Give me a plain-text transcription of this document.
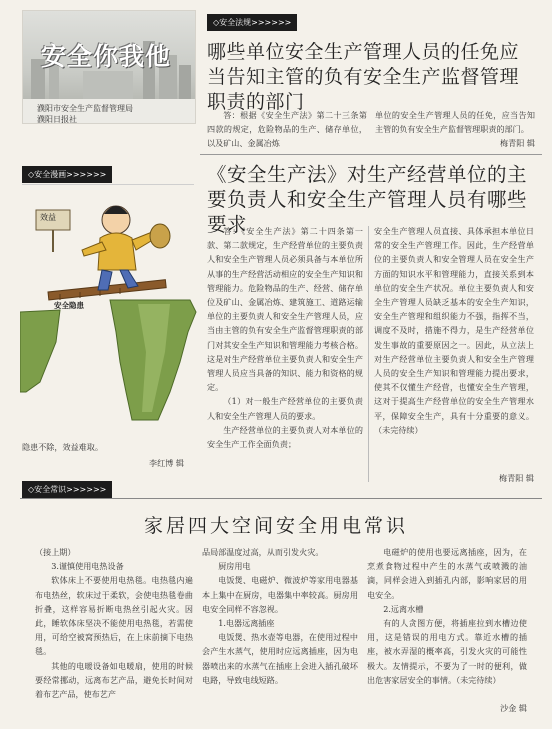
安全你我他
濮阳市安全生产监督管理局
濮阳日报社
◇安全法规>>>>>>
哪些单位安全生产管理人员的任免应当告知主管的负有安全生产监督管理职责的部门

答：根据《安全生产法》第二十三条第四款的规定，危险物品的生产、储存单位，以及矿山、金属冶炼

单位的安全生产管理人员的任免，应当告知主管的负有安全生产监督管理职责的部门。
梅青阳 辑

《安全生产法》对生产经营单位的主要负责人和安全生产管理人员有哪些要求

答：《安全生产法》第二十四条第一款、第二款规定，生产经营单位的主要负责人和安全生产管理人员必须具备与本单位所从事的生产经营活动相应的安全生产知识和管理能力。危险物品的生产、经营、储存单位及矿山、金属冶炼、建筑施工、道路运输单位的主要负责人和安全生产管理人员，应当由主管的负有安全生产监督管理职责的部门对其安全生产知识和管理能力考核合格。这是对生产经营单位主要负责人和安全生产管理人员应当具备的知识、能力和资格的规定。

（1）对一般生产经营单位的主要负责人和安全生产管理人员的要求。

生产经营单位的主要负责人对本单位的安全生产工作全面负责；

安全生产管理人员直接、具体承担本单位日常的安全生产管理工作。因此，生产经营单位的主要负责人和安全管理人员在安全生产方面的知识水平和管理能力，直接关系到本单位的安全生产状况。单位主要负责人和安全生产管理人员缺乏基本的安全生产知识，安全生产管理和组织能力不强，指挥不当，调度不及时，措施不得力，是生产经营单位发生事故的重要原因之一。因此，从立法上对生产经营单位主要负责人和安全生产管理人员的安全生产知识和管理能力提出要求，使其不仅懂生产经营，也懂安全生产管理，这对于提高生产经营单位的安全生产管理水平，保障安全生产，具有十分重要的意义。（未完待续）

梅青阳 辑
◇安全漫画>>>>>>
效益
安全隐患

隐患不除，效益难取。

李红博 辑
◇安全常识>>>>>>
家居四大空间安全用电常识

（接上期）

3.谨慎使用电热设备

软体床上不要使用电热毯。电热毯内遍布电热丝，软床过于柔软，会使电热毯卷曲折叠，这样容易折断电热丝引起火灾。因此，睡软体床坚决不能使用电热毯，若需使用，可给空被窝预热后，在上床前摘下电热毯。

其他的电暖设备如电暖扇，使用的时候要经常挪动，远离布艺产品，避免长时间对着布艺产品，使布艺产

品局部温度过高，从而引发火灾。

厨房用电

电饭煲、电磁炉、微波炉等家用电器基本上集中在厨房，电器集中率较高。厨房用电安全同样不容忽视。

1.电器远离插座

电饭煲、热水壶等电器，在使用过程中会产生水蒸气，使用时应远离插座，因为电器喷出来的水蒸气在插座上会进入插孔破坏电路，导致电线短路。

电磁炉的使用也要远离插座，因为，在烹煮食物过程中产生的水蒸气或喷溅的油滴，同样会进入到插孔内部，影响家居的用电安全。

2.远离水槽

有的人贪图方便，将插座拉到水槽边使用，这是错误的用电方式。靠近水槽的插座，被水弄湿的概率高，引发火灾的可能性极大。友情提示，不要为了一时的便利，做出危害家居安全的事情。（未完待续）

沙金 辑
